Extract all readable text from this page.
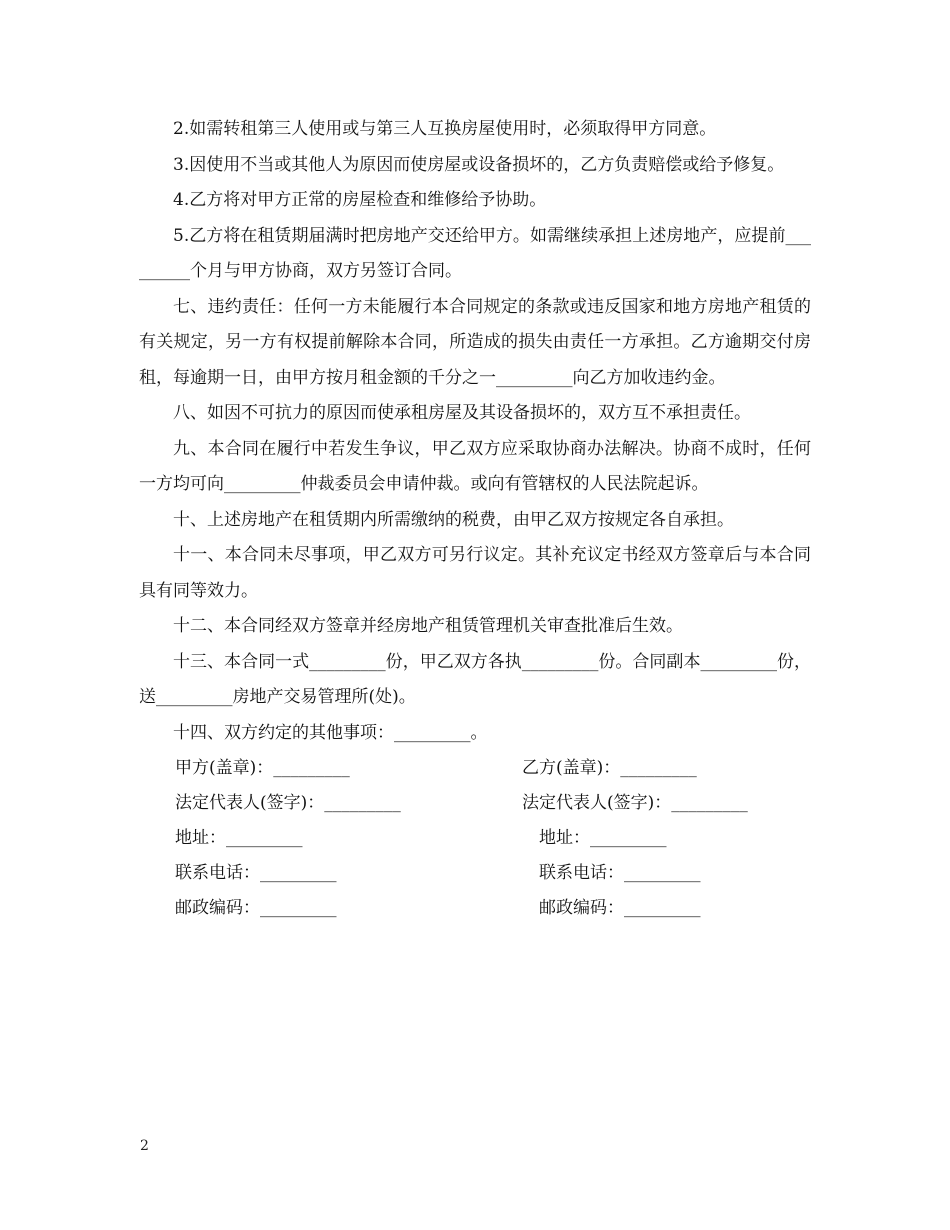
2.如需转租第三人使用或与第三人互换房屋使用时，必须取得甲方同意。

3.因使用不当或其他人为原因而使房屋或设备损坏的，乙方负责赔偿或给予修复。

4.乙方将对甲方正常的房屋检查和维修给予协助。

5.乙方将在租赁期届满时把房地产交还给甲方。如需继续承担上述房地产，应提前_________个月与甲方协商，双方另签订合同。

七、违约责任：任何一方未能履行本合同规定的条款或违反国家和地方房地产租赁的有关规定，另一方有权提前解除本合同，所造成的损失由责任一方承担。乙方逾期交付房租，每逾期一日，由甲方按月租金额的千分之一_________向乙方加收违约金。

八、如因不可抗力的原因而使承租房屋及其设备损坏的，双方互不承担责任。

九、本合同在履行中若发生争议，甲乙双方应采取协商办法解决。协商不成时，任何一方均可向_________仲裁委员会申请仲裁。或向有管辖权的人民法院起诉。

十、上述房地产在租赁期内所需缴纳的税费，由甲乙双方按规定各自承担。

十一、本合同未尽事项，甲乙双方可另行议定。其补充议定书经双方签章后与本合同具有同等效力。

十二、本合同经双方签章并经房地产租赁管理机关审查批准后生效。

十三、本合同一式_________份，甲乙双方各执_________份。合同副本_________份，送_________房地产交易管理所(处)。

十四、双方约定的其他事项：_________。

甲方(盖章)：_________	乙方(盖章)：_________
法定代表人(签字)：_________	法定代表人(签字)：_________
地址：_________	地址：_________
联系电话：_________	联系电话：_________
邮政编码：_________	邮政编码：_________
2
